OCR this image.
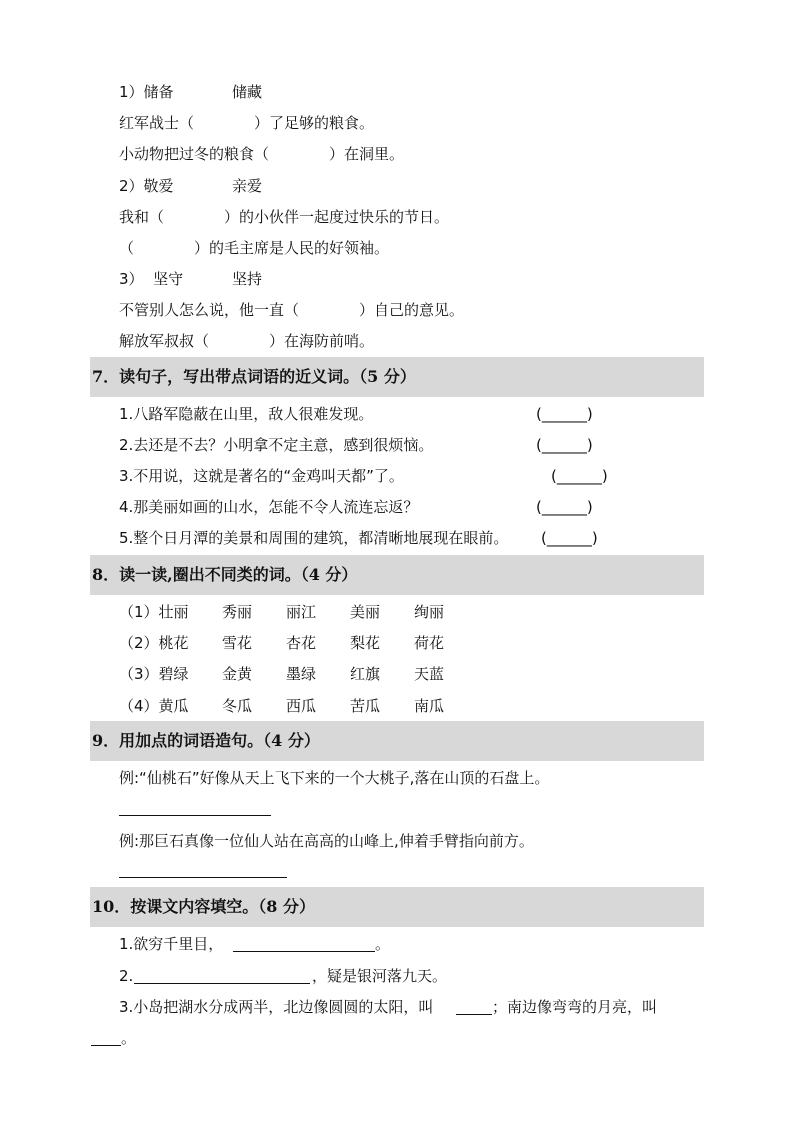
1）储备	储藏
红军战士（　　　　）了足够的粮食。
小动物把过冬的粮食（　　　　）在洞里。
2）敬爱	亲爱
我和（　　　　）的小伙伴一起度过快乐的节日。
（　　　　）的毛主席是人民的好领袖。
3）  坚守	坚持
不管别人怎么说，他一直（　　　　）自己的意见。
解放军叔叔（　　　　）在海防前哨。
7．读句子，写出带点词语的近义词。（5 分）
1.八路军隐蔽在山里，敌人很难发现。	(______)
2.去还是不去？小明拿不定主意，感到很烦恼。	(______)
3.不用说，这就是著名的“金鸡叫天都”了。	(______)
4.那美丽如画的山水，怎能不令人流连忘返？	(______)
5.整个日月潭的美景和周围的建筑，都清晰地展现在眼前。 (______)
8．读一读,圈出不同类的词。（4 分）
（1）壮丽 秀丽 丽江 美丽 绚丽
（2）桃花 雪花 杏花 梨花 荷花
（3）碧绿 金黄 墨绿 红旗 天蓝
（4）黄瓜 冬瓜 西瓜 苦瓜 南瓜
9．用加点的词语造句。（4 分）
例:“仙桃石”好像从天上飞下来的一个大桃子,落在山顶的石盘上。
例:那巨石真像一位仙人站在高高的山峰上,伸着手臂指向前方。
10．按课文内容填空。（8 分）
1.欲穷千里目，	。
2.	，疑是银河落九天。
3.小岛把湖水分成两半，北边像圆圆的太阳，叫	；南边像弯弯的月亮，叫
。
